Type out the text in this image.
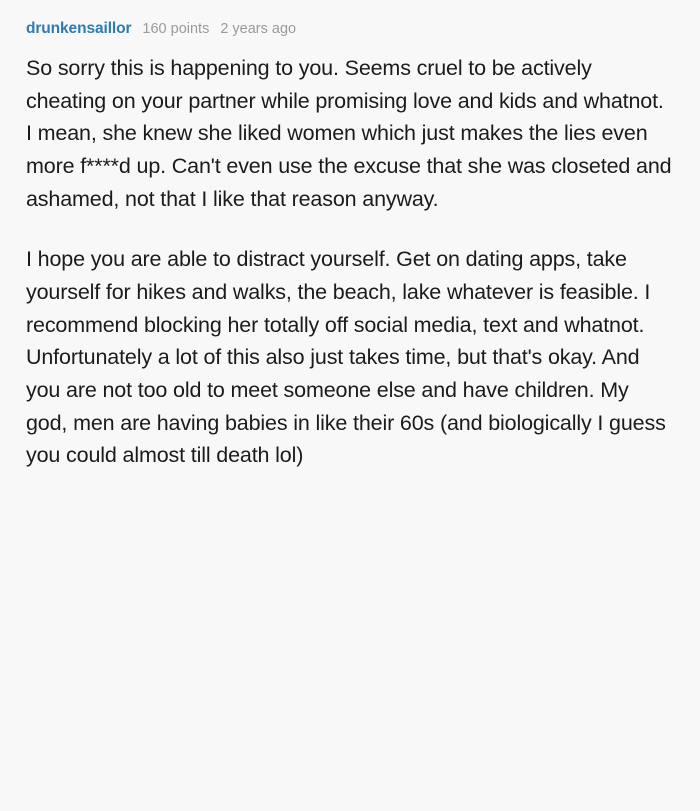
drunkensaillor 160 points 2 years ago

So sorry this is happening to you. Seems cruel to be actively cheating on your partner while promising love and kids and whatnot. I mean, she knew she liked women which just makes the lies even more f****d up. Can't even use the excuse that she was closeted and ashamed, not that I like that reason anyway.

I hope you are able to distract yourself. Get on dating apps, take yourself for hikes and walks, the beach, lake whatever is feasible. I recommend blocking her totally off social media, text and whatnot. Unfortunately a lot of this also just takes time, but that's okay. And you are not too old to meet someone else and have children. My god, men are having babies in like their 60s (and biologically I guess you could almost till death lol)
